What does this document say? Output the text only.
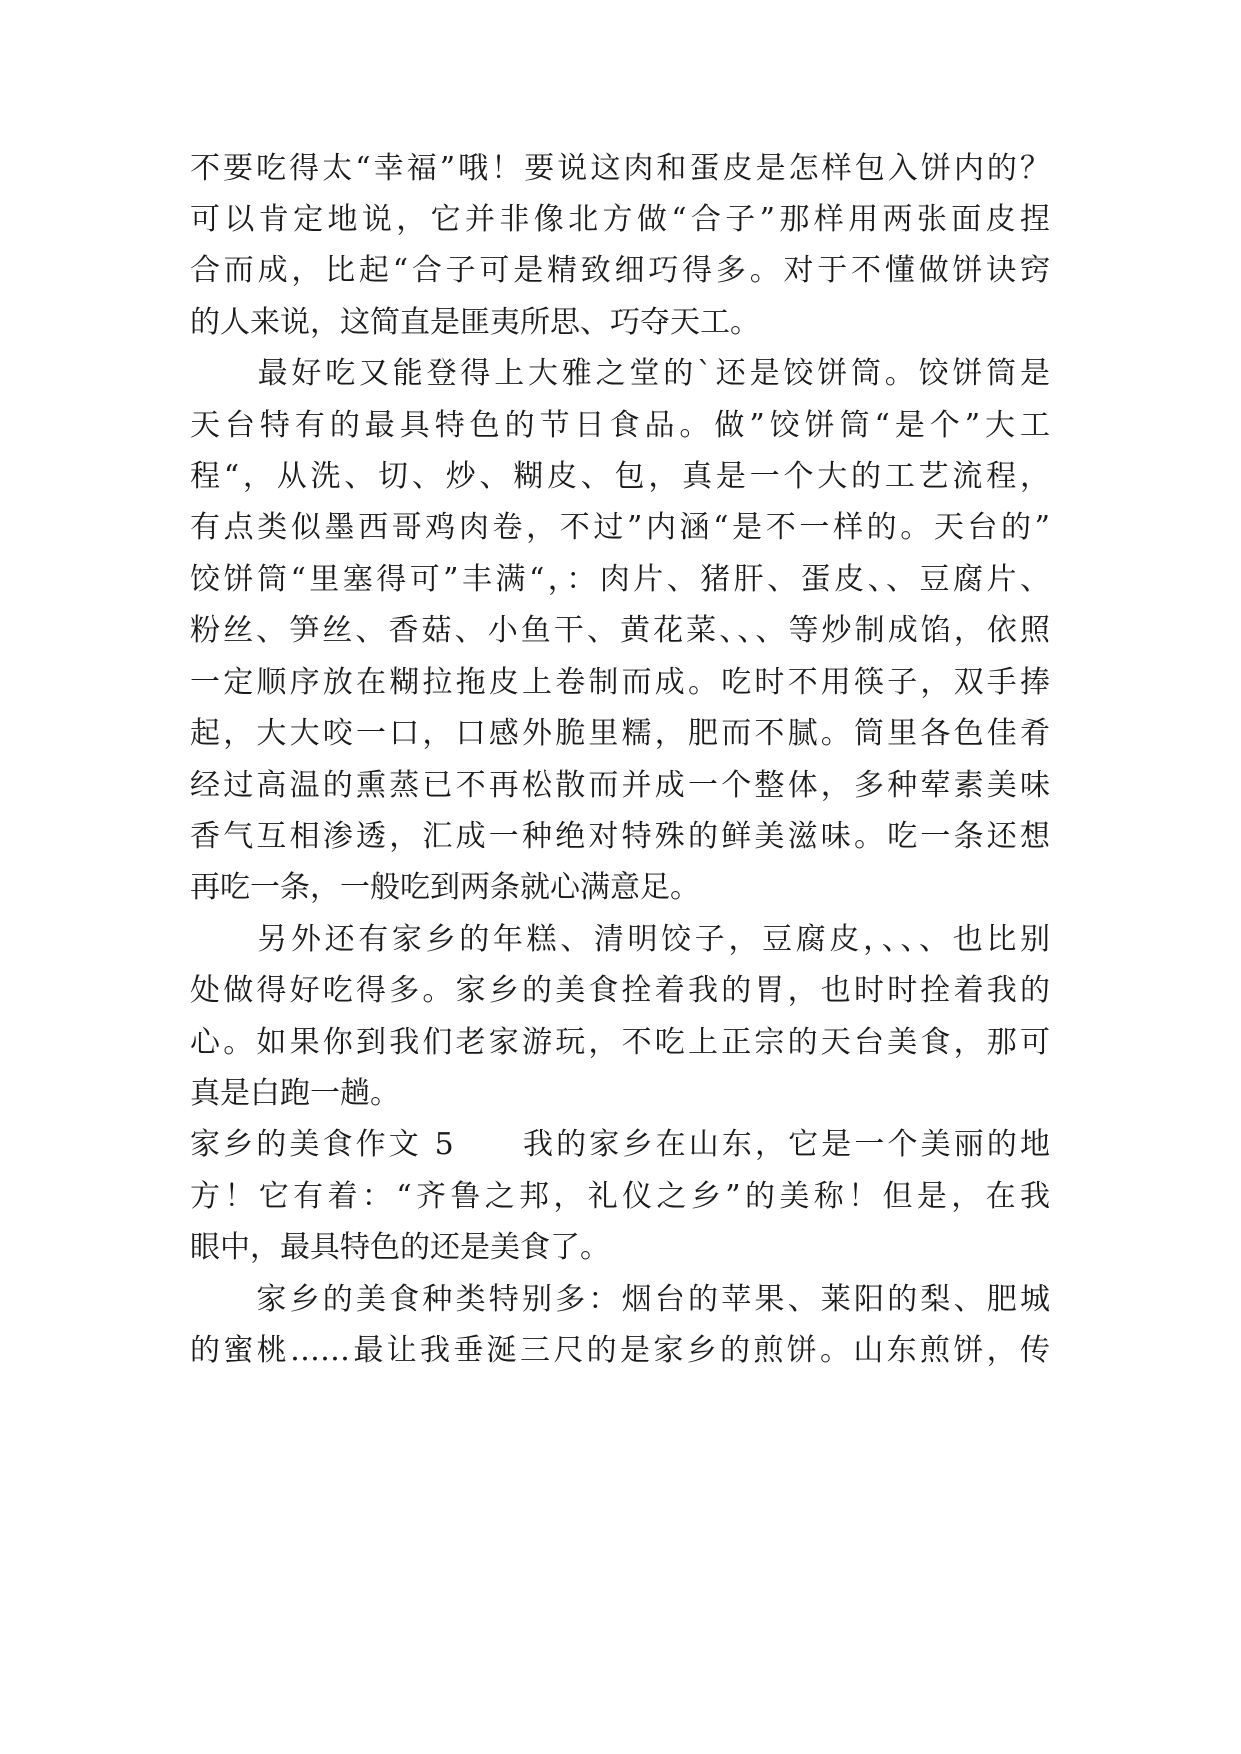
不要吃得太“幸福”哦！要说这肉和蛋皮是怎样包入饼内的？
可以肯定地说，它并非像北方做“合子”那样用两张面皮捏
合而成，比起“合子可是精致细巧得多。对于不懂做饼诀窍
的人来说，这简直是匪夷所思、巧夺天工。
　　最好吃又能登得上大雅之堂的`还是饺饼筒。饺饼筒是
天台特有的最具特色的节日食品。做”饺饼筒“是个”大工
程“，从洗、切、炒、糊皮、包，真是一个大的工艺流程，
有点类似墨西哥鸡肉卷，不过”内涵“是不一样的。天台的”
饺饼筒“里塞得可”丰满“，：肉片、猪肝、蛋皮、、豆腐片、
粉丝、笋丝、香菇、小鱼干、黄花菜、、、等炒制成馅，依照
一定顺序放在糊拉拖皮上卷制而成。吃时不用筷子，双手捧
起，大大咬一口，口感外脆里糯，肥而不腻。筒里各色佳肴
经过高温的熏蒸已不再松散而并成一个整体，多种荤素美味
香气互相渗透，汇成一种绝对特殊的鲜美滋味。吃一条还想
再吃一条，一般吃到两条就心满意足。
　　另外还有家乡的年糕、清明饺子，豆腐皮，、、、也比别
处做得好吃得多。家乡的美食拴着我的胃，也时时拴着我的
心。如果你到我们老家游玩，不吃上正宗的天台美食，那可
真是白跑一趟。
家乡的美食作文 5　　我的家乡在山东，它是一个美丽的地
方！它有着：“齐鲁之邦，礼仪之乡”的美称！但是，在我
眼中，最具特色的还是美食了。
　　家乡的美食种类特别多：烟台的苹果、莱阳的梨、肥城
的蜜桃……最让我垂涎三尺的是家乡的煎饼。山东煎饼，传
